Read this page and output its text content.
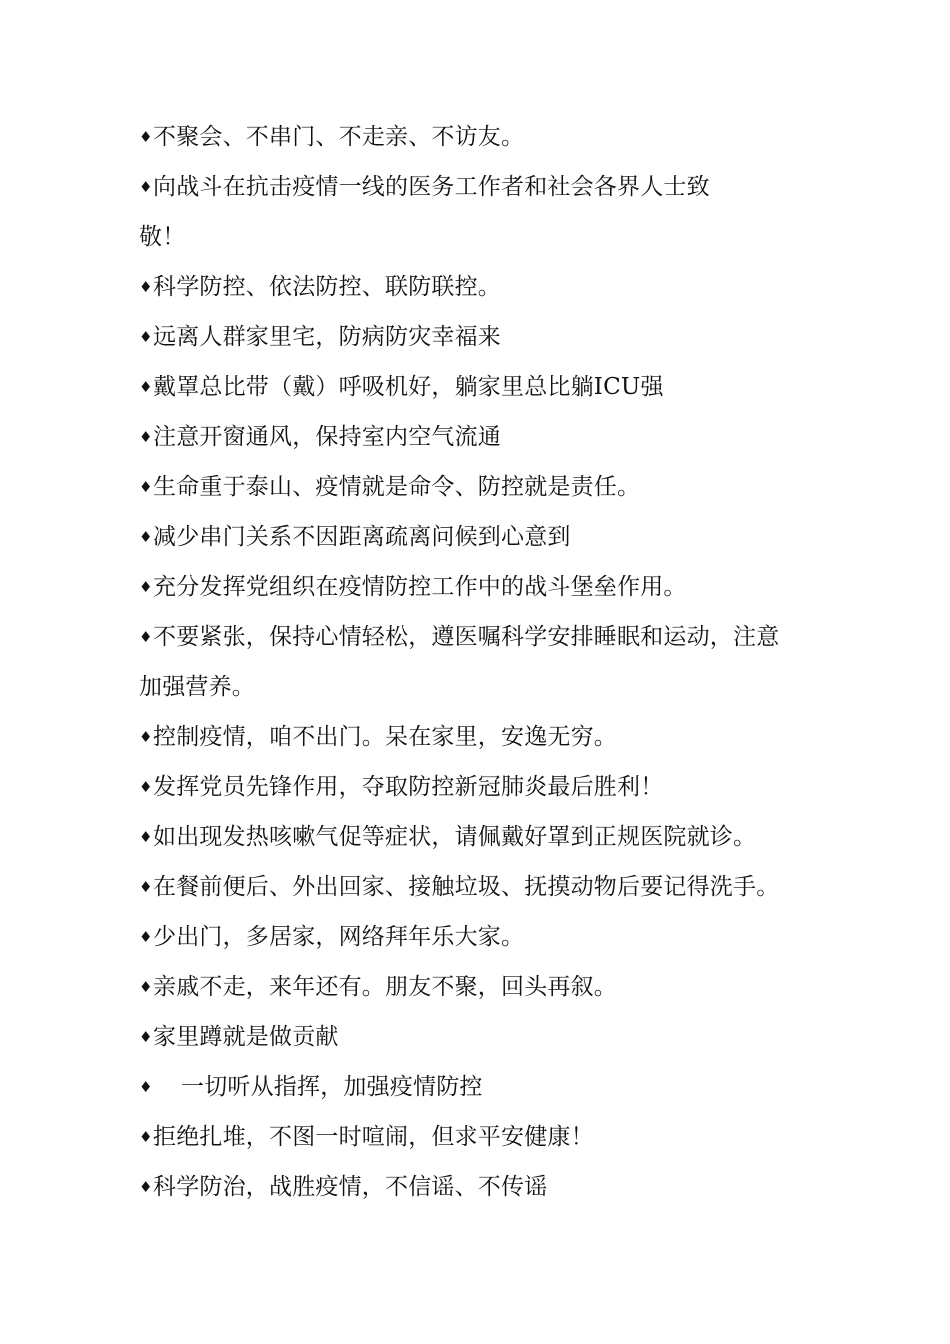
♦不聚会、不串门、不走亲、不访友。
♦向战斗在抗击疫情一线的医务工作者和社会各界人士致
敬！
♦科学防控、依法防控、联防联控。
♦远离人群家里宅，防病防灾幸福来
♦戴罩总比带（戴）呼吸机好，躺家里总比躺ICU强
♦注意开窗通风，保持室内空气流通
♦生命重于泰山、疫情就是命令、防控就是责任。
♦减少串门关系不因距离疏离问候到心意到
♦充分发挥党组织在疫情防控工作中的战斗堡垒作用。
♦不要紧张，保持心情轻松，遵医嘱科学安排睡眠和运动，注意
加强营养。
♦控制疫情，咱不出门。呆在家里，安逸无穷。
♦发挥党员先锋作用，夺取防控新冠肺炎最后胜利！
♦如出现发热咳嗽气促等症状，请佩戴好罩到正规医院就诊。
♦在餐前便后、外出回家、接触垃圾、抚摸动物后要记得洗手。
♦少出门，多居家，网络拜年乐大家。
♦亲戚不走，来年还有。朋友不聚，回头再叙。
♦家里蹲就是做贡献
♦ 一切听从指挥，加强疫情防控
♦拒绝扎堆，不图一时喧闹，但求平安健康！
♦科学防治，战胜疫情，不信谣、不传谣
